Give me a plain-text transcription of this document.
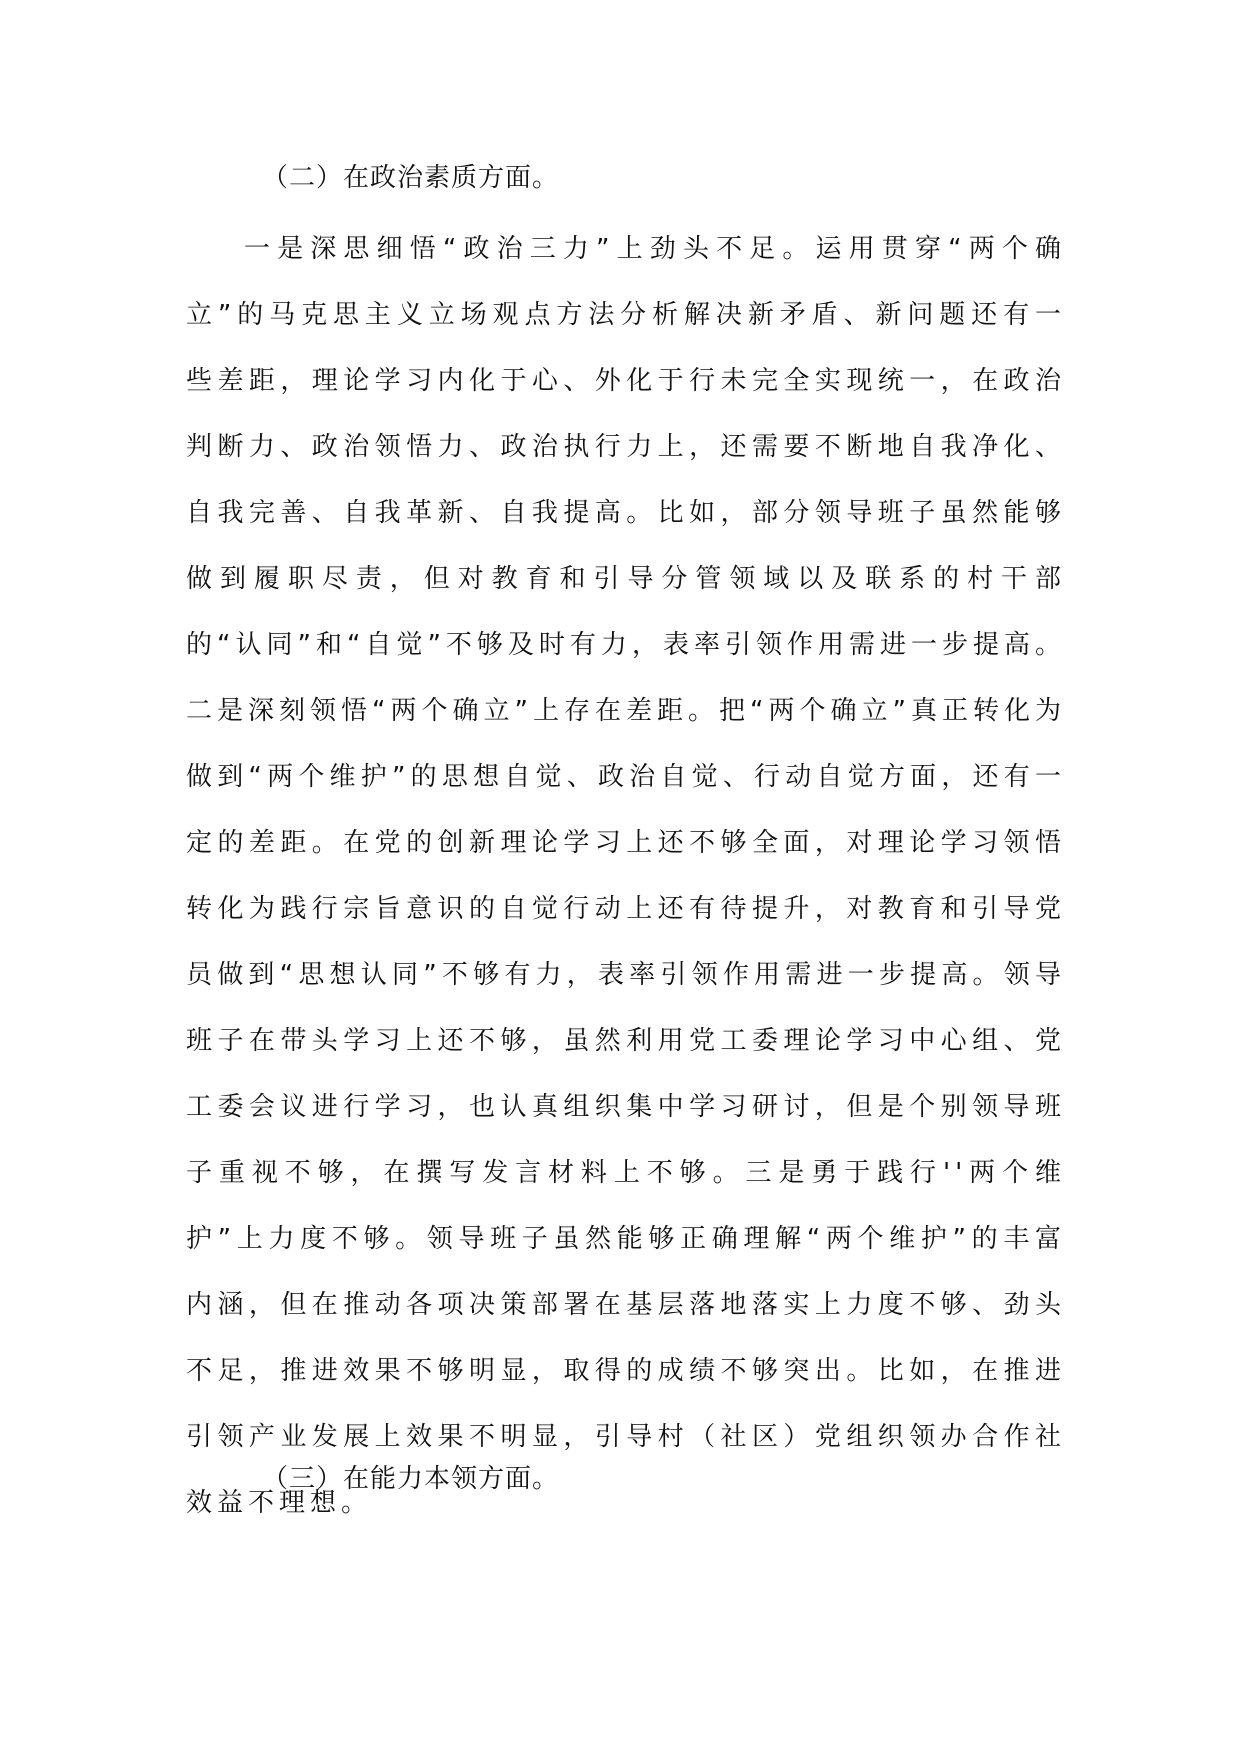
（二）在政治素质方面。

一是深思细悟“政治三力”上劲头不足。运用贯穿“两个确立”的马克思主义立场观点方法分析解决新矛盾、新问题还有一些差距，理论学习内化于心、外化于行未完全实现统一，在政治判断力、政治领悟力、政治执行力上，还需要不断地自我净化、自我完善、自我革新、自我提高。比如，部分领导班子虽然能够做到履职尽责，但对教育和引导分管领域以及联系的村干部的“认同”和“自觉”不够及时有力，表率引领作用需进一步提高。二是深刻领悟“两个确立”上存在差距。把“两个确立”真正转化为做到“两个维护”的思想自觉、政治自觉、行动自觉方面，还有一定的差距。在党的创新理论学习上还不够全面，对理论学习领悟转化为践行宗旨意识的自觉行动上还有待提升，对教育和引导党员做到“思想认同”不够有力，表率引领作用需进一步提高。领导班子在带头学习上还不够，虽然利用党工委理论学习中心组、党工委会议进行学习，也认真组织集中学习研讨，但是个别领导班子重视不够，在撰写发言材料上不够。三是勇于践行''两个维护”上力度不够。领导班子虽然能够正确理解“两个维护”的丰富内涵，但在推动各项决策部署在基层落地落实上力度不够、劲头不足，推进效果不够明显，取得的成绩不够突出。比如，在推进引领产业发展上效果不明显，引导村（社区）党组织领办合作社效益不理想。

（三）在能力本领方面。
